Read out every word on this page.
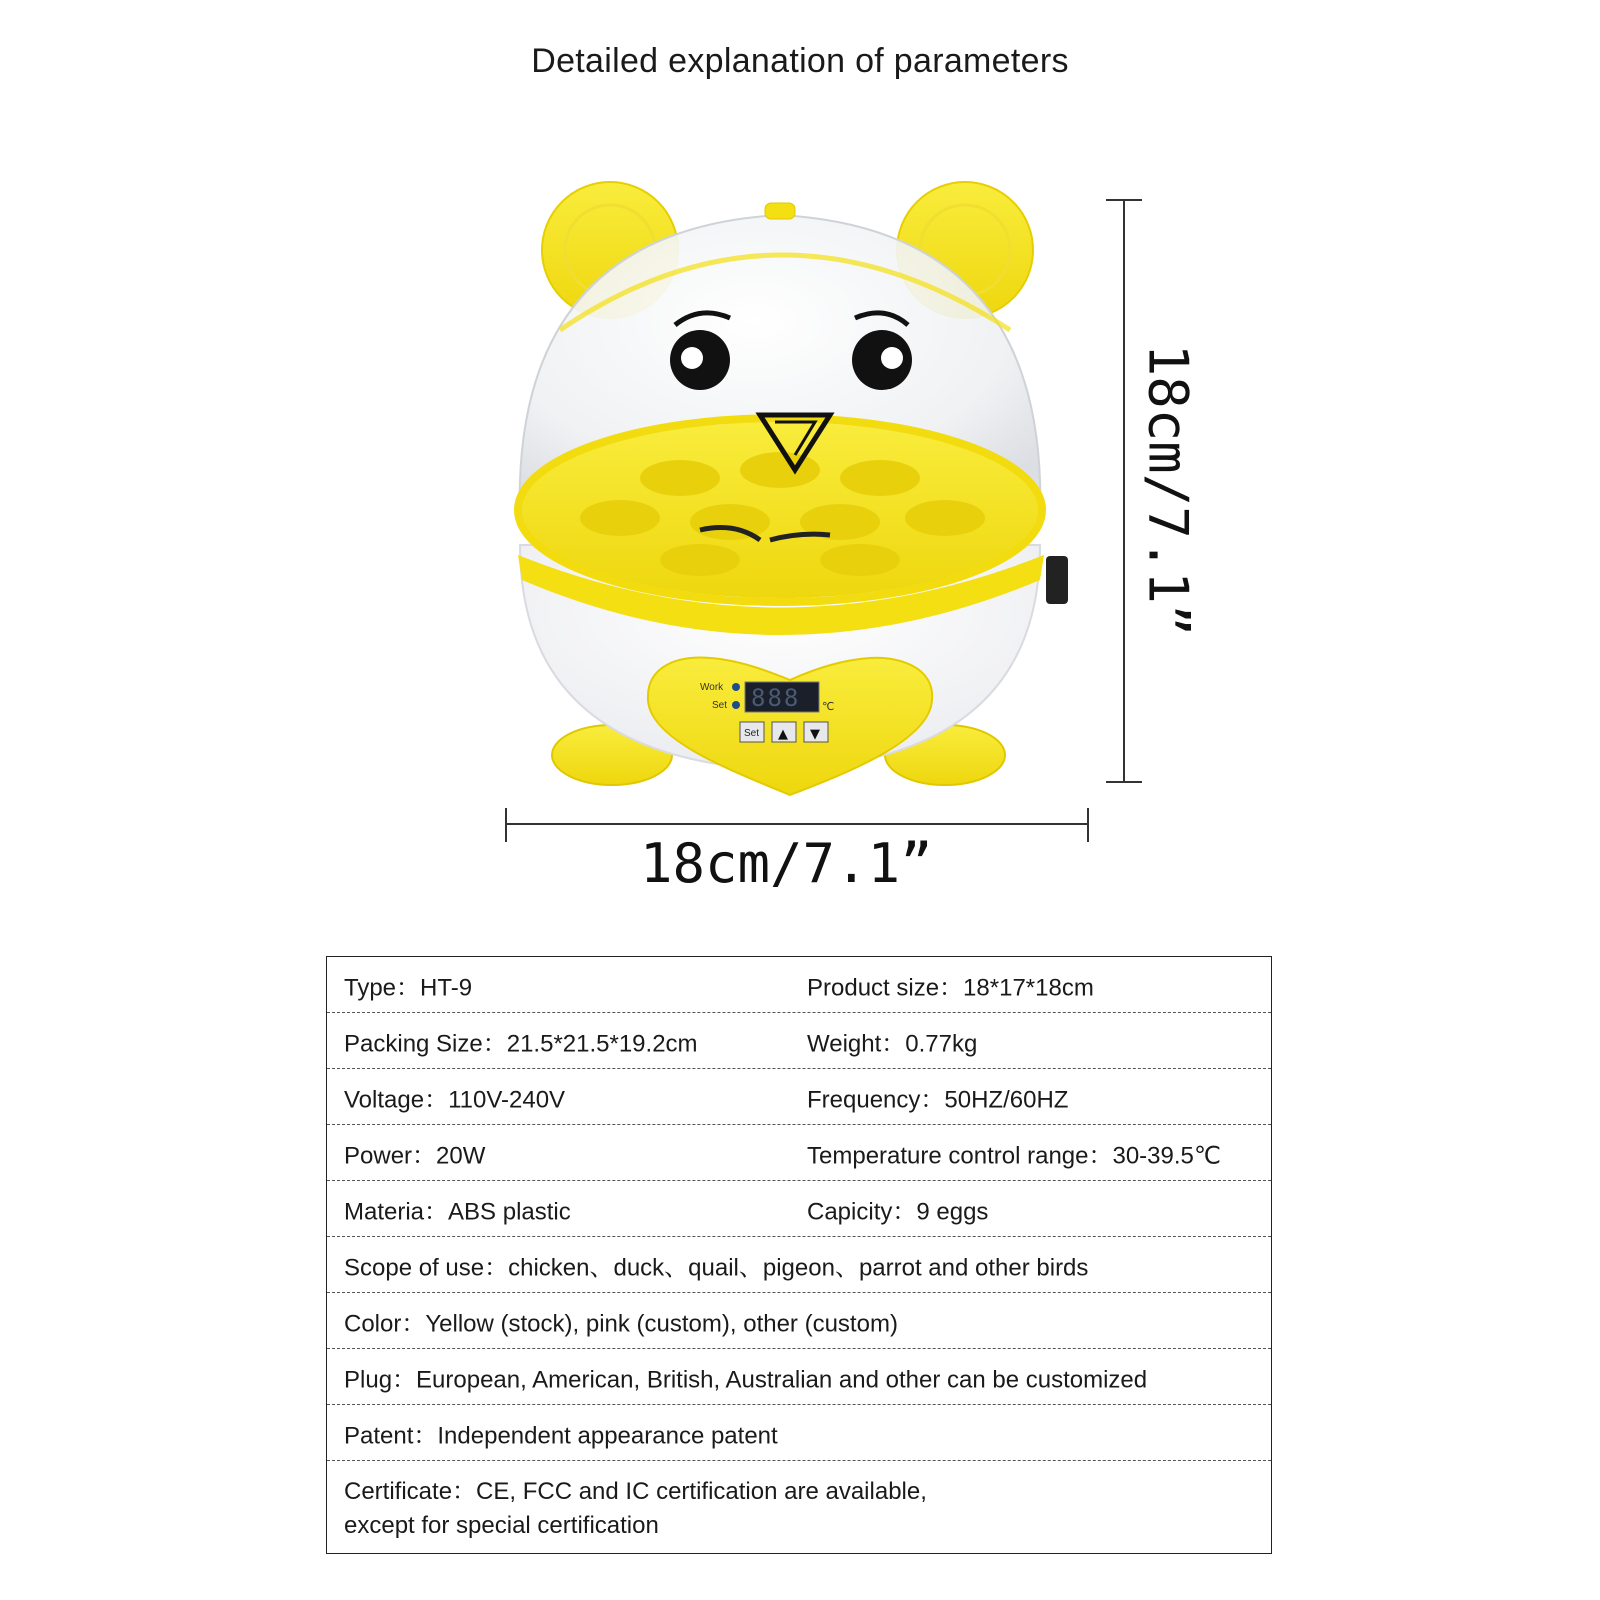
Detailed explanation of parameters
Work
Set 888 ℃
Set ▲ ▼
18cm/7.1”
18cm/7.1”
Type：HT-9	Product size：18*17*18cm
Packing Size：21.5*21.5*19.2cm	Weight：0.77kg
Voltage：110V-240V	Frequency：50HZ/60HZ
Power：20W	Temperature control range：30-39.5℃
Materia：ABS plastic	Capicity：9 eggs
Scope of use：chicken、duck、quail、pigeon、parrot and other birds
Color：Yellow (stock), pink (custom), other (custom)
Plug：European, American, British, Australian and other can be customized
Patent：Independent appearance patent
Certificate：CE, FCC and IC certification are available,
except for special certification
